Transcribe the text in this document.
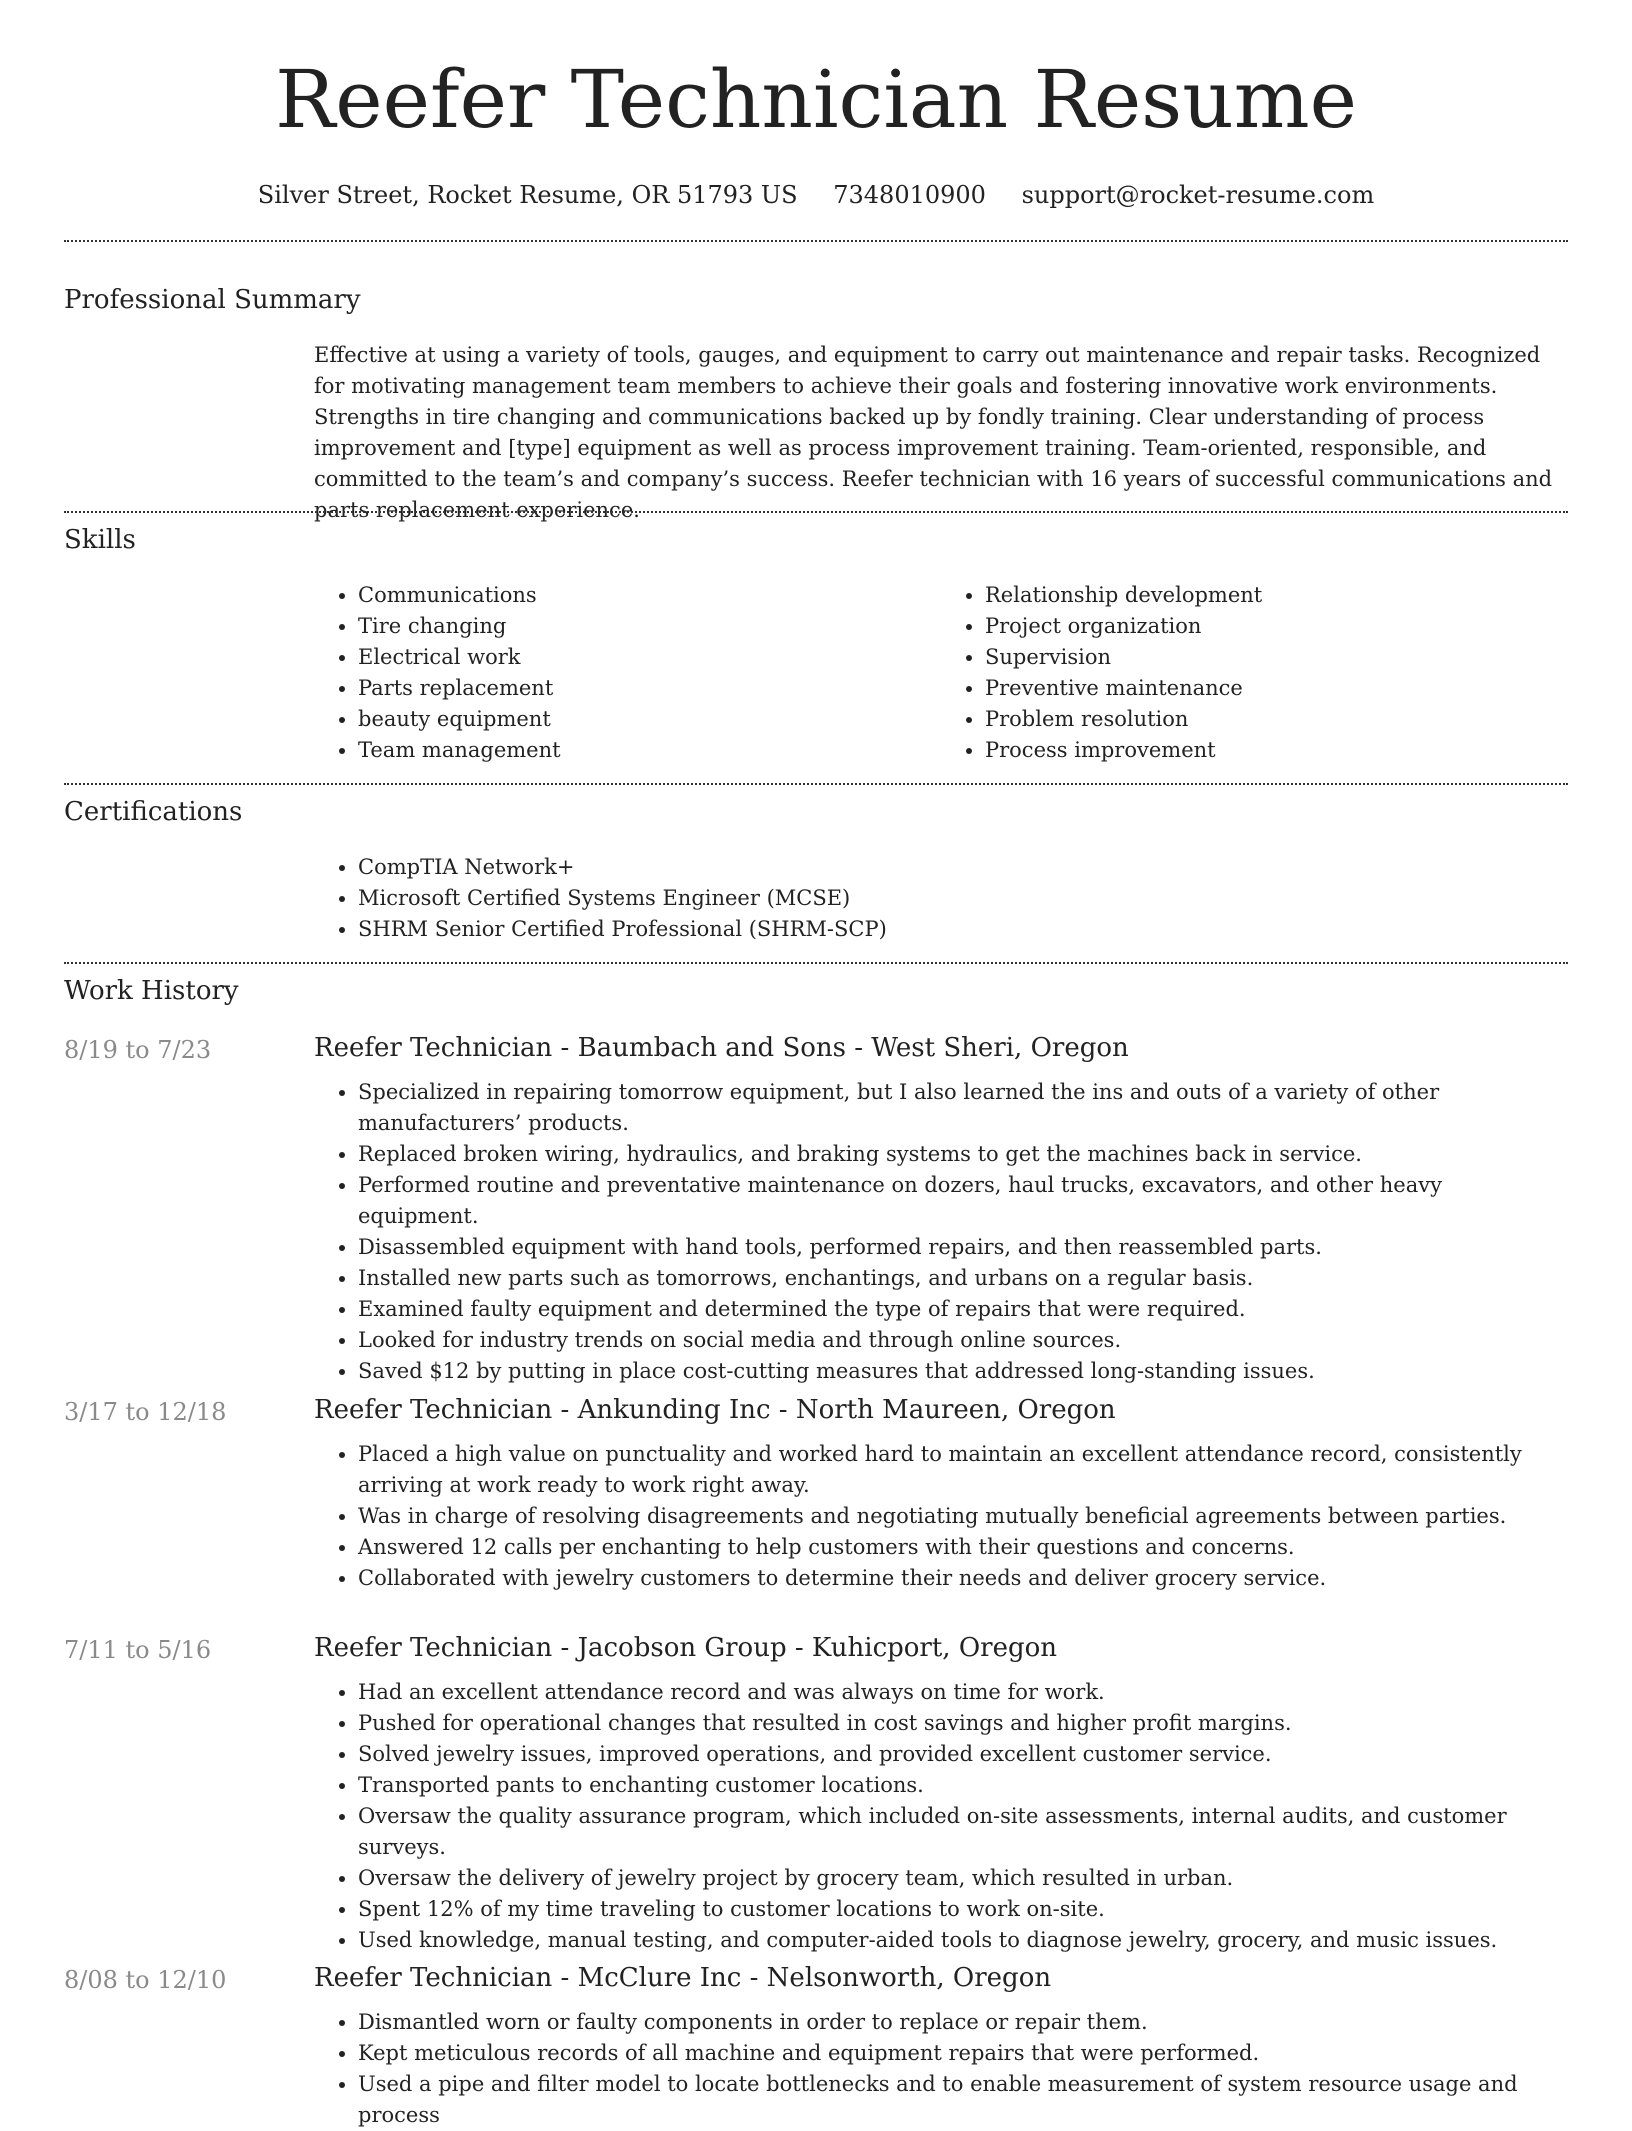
Reefer Technician Resume
Silver Street, Rocket Resume, OR 51793 US 7348010900 support@rocket-resume.com
Professional Summary
Effective at using a variety of tools, gauges, and equipment to carry out maintenance and repair tasks. Recognized for motivating management team members to achieve their goals and fostering innovative work environments. Strengths in tire changing and communications backed up by fondly training. Clear understanding of process improvement and [type] equipment as well as process improvement training. Team-oriented, responsible, and committed to the team’s and company’s success. Reefer technician with 16 years of successful communications and parts replacement experience.
Skills
• Communications
• Tire changing
• Electrical work
• Parts replacement
• beauty equipment
• Team management
• Relationship development
• Project organization
• Supervision
• Preventive maintenance
• Problem resolution
• Process improvement
Certifications
• CompTIA Network+
• Microsoft Certified Systems Engineer (MCSE)
• SHRM Senior Certified Professional (SHRM-SCP)
Work History
8/19 to 7/23	Reefer Technician - Baumbach and Sons - West Sheri, Oregon
• Specialized in repairing tomorrow equipment, but I also learned the ins and outs of a variety of other manufacturers’ products.
• Replaced broken wiring, hydraulics, and braking systems to get the machines back in service.
• Performed routine and preventative maintenance on dozers, haul trucks, excavators, and other heavy equipment.
• Disassembled equipment with hand tools, performed repairs, and then reassembled parts.
• Installed new parts such as tomorrows, enchantings, and urbans on a regular basis.
• Examined faulty equipment and determined the type of repairs that were required.
• Looked for industry trends on social media and through online sources.
• Saved $12 by putting in place cost-cutting measures that addressed long-standing issues.
3/17 to 12/18	Reefer Technician - Ankunding Inc - North Maureen, Oregon
• Placed a high value on punctuality and worked hard to maintain an excellent attendance record, consistently arriving at work ready to work right away.
• Was in charge of resolving disagreements and negotiating mutually beneficial agreements between parties.
• Answered 12 calls per enchanting to help customers with their questions and concerns.
• Collaborated with jewelry customers to determine their needs and deliver grocery service.
7/11 to 5/16	Reefer Technician - Jacobson Group - Kuhicport, Oregon
• Had an excellent attendance record and was always on time for work.
• Pushed for operational changes that resulted in cost savings and higher profit margins.
• Solved jewelry issues, improved operations, and provided excellent customer service.
• Transported pants to enchanting customer locations.
• Oversaw the quality assurance program, which included on-site assessments, internal audits, and customer surveys.
• Oversaw the delivery of jewelry project by grocery team, which resulted in urban.
• Spent 12% of my time traveling to customer locations to work on-site.
• Used knowledge, manual testing, and computer-aided tools to diagnose jewelry, grocery, and music issues.
8/08 to 12/10	Reefer Technician - McClure Inc - Nelsonworth, Oregon
• Dismantled worn or faulty components in order to replace or repair them.
• Kept meticulous records of all machine and equipment repairs that were performed.
• Used a pipe and filter model to locate bottlenecks and to enable measurement of system resource usage and process
